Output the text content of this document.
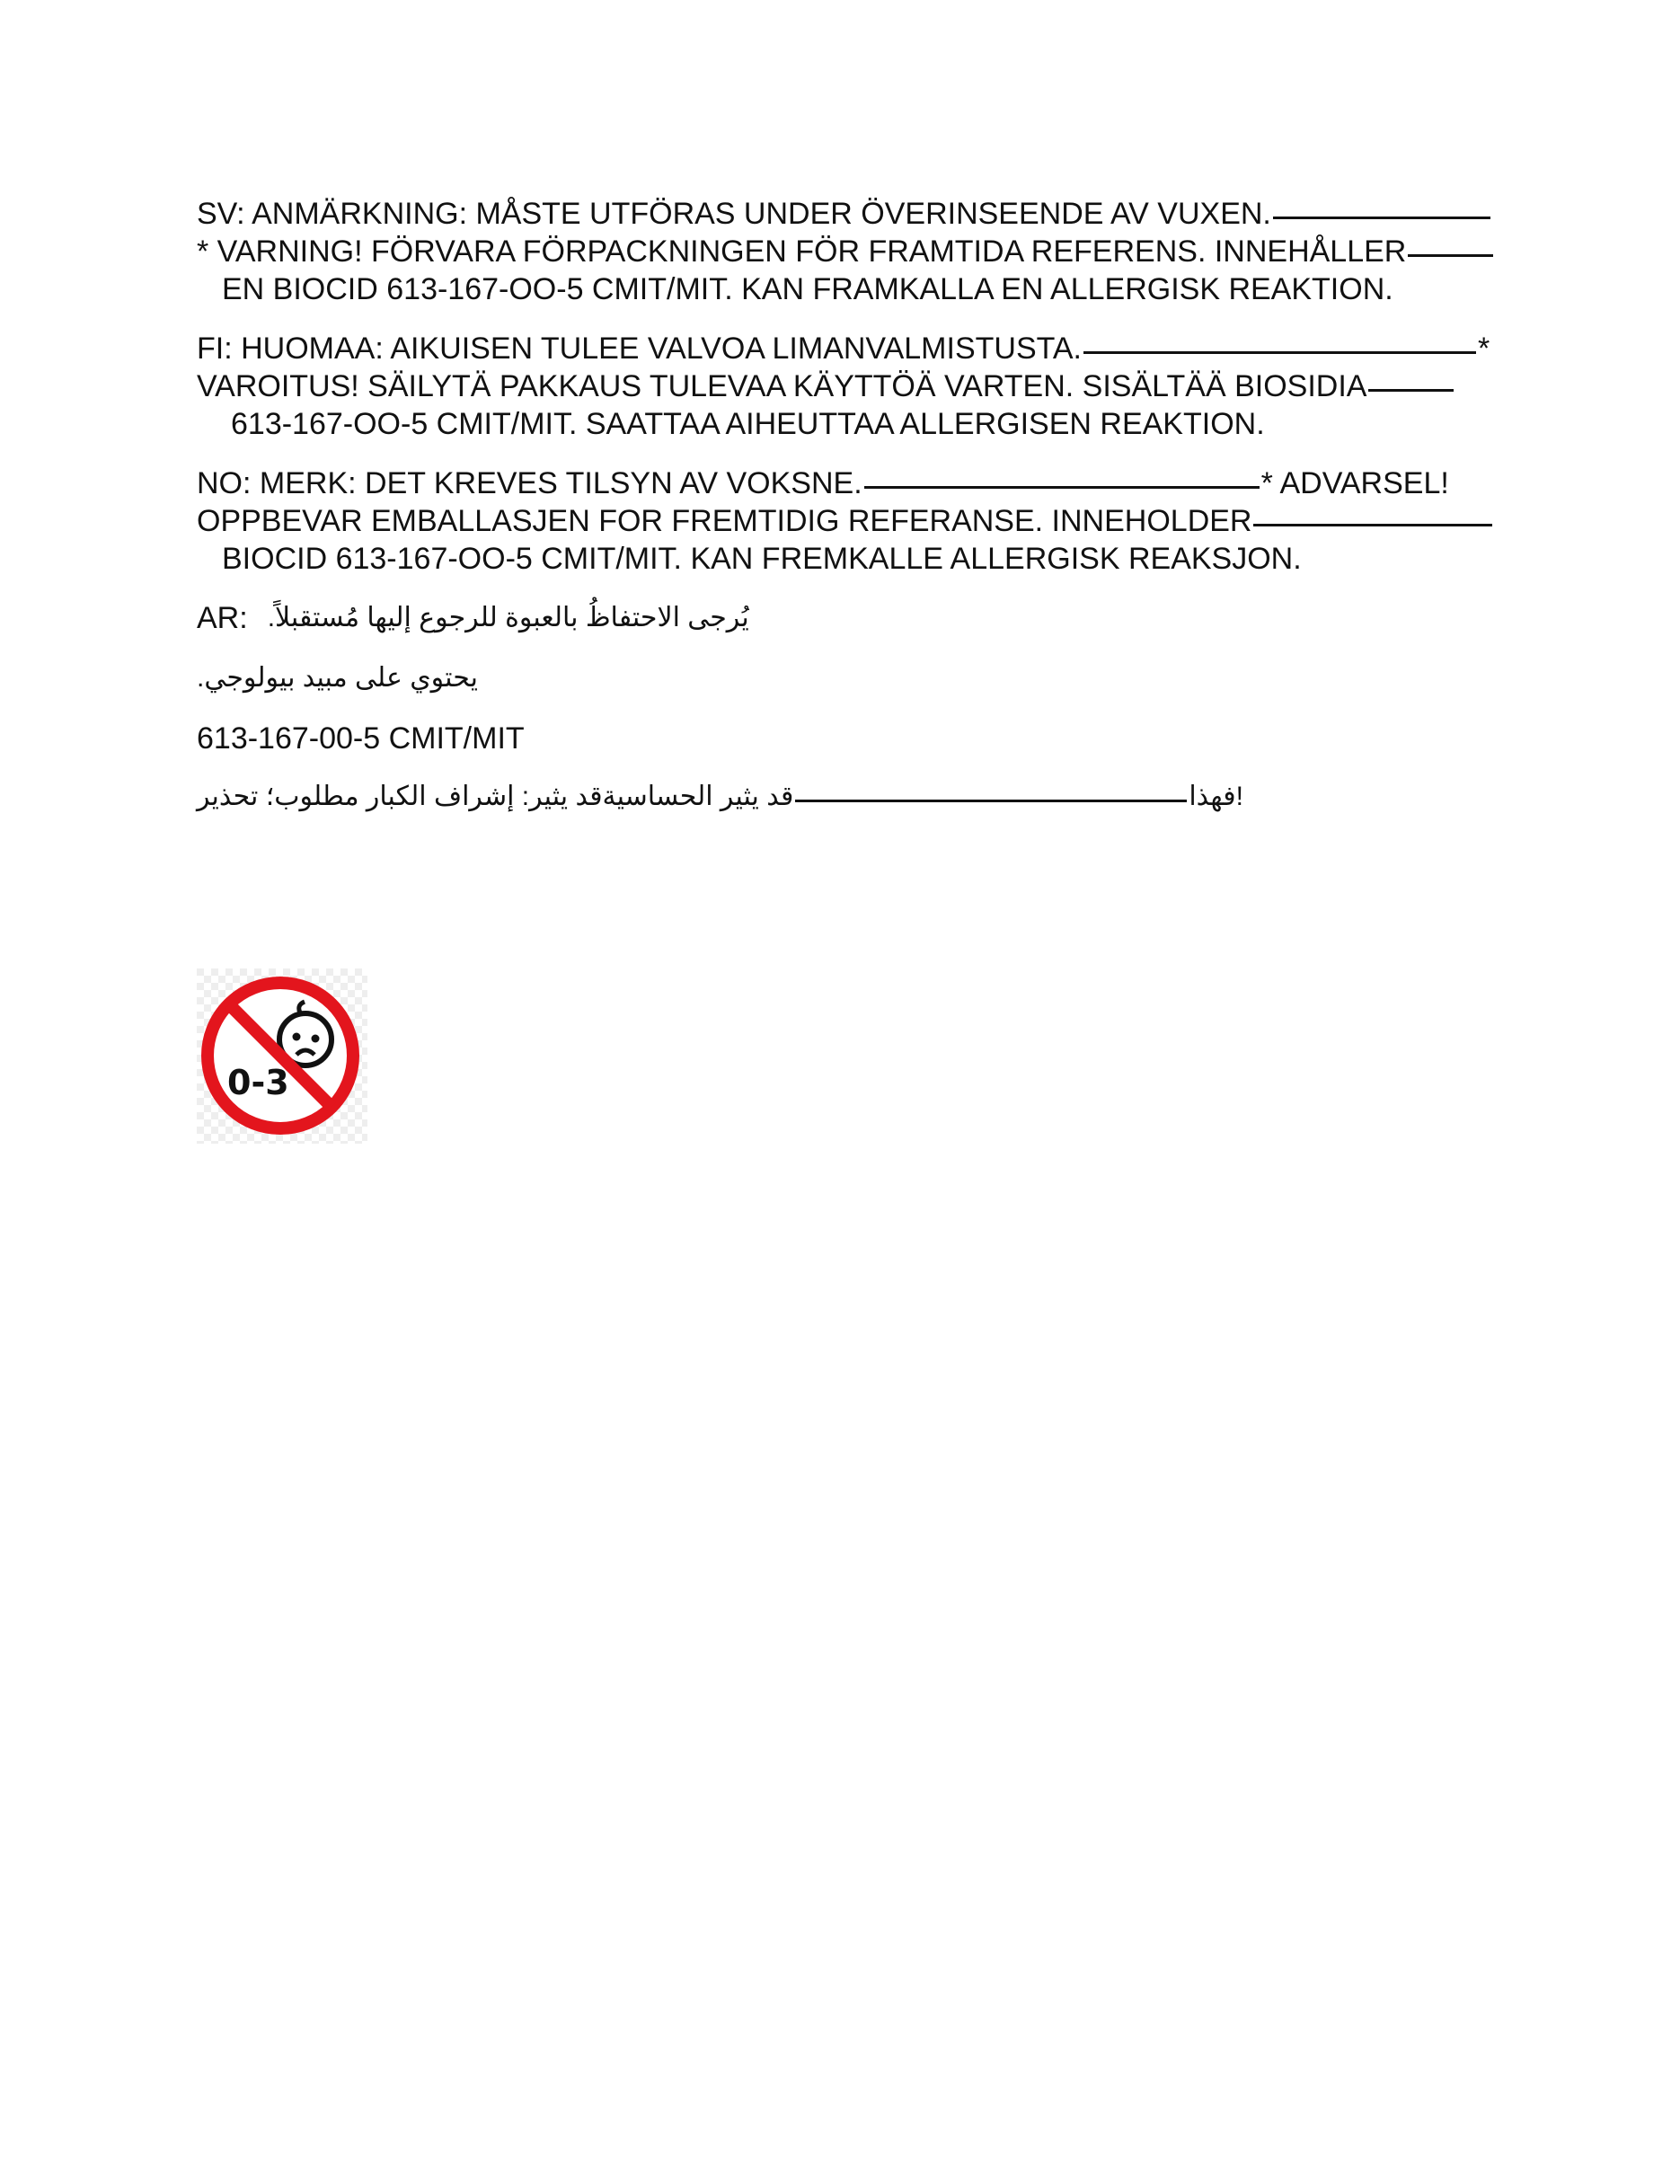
SV: ANMÄRKNING: MÅSTE UTFÖRAS UNDER ÖVERINSEENDE AV VUXEN.
* VARNING! FÖRVARA FÖRPACKNINGEN FÖR FRAMTIDA REFERENS. INNEHÅLLER
EN BIOCID 613-167-OO-5 CMIT/MIT. KAN FRAMKALLA EN ALLERGISK REAKTION.
FI: HUOMAA: AIKUISEN TULEE VALVOA LIMANVALMISTUSTA.	*
VAROITUS! SÄILYTÄ PAKKAUS TULEVAA KÄYTTÖÄ VARTEN. SISÄLTÄÄ BIOSIDIA
613-167-OO-5 CMIT/MIT. SAATTAA AIHEUTTAA ALLERGISEN REAKTION.
NO: MERK: DET KREVES TILSYN AV VOKSNE.	* ADVARSEL!
OPPBEVAR EMBALLASJEN FOR FREMTIDIG REFERANSE. INNEHOLDER
BIOCID 613-167-OO-5 CMIT/MIT. KAN FREMKALLE ALLERGISK REAKSJON.
AR: يُرجى الاحتفاظُ بالعبوة للرجوع إليها مُستقبلاً.
يحتوي على مبيد بيولوجي.
613-167-00-5 CMIT/MIT
قد يثير الحساسيةقد يثير: إشراف الكبار مطلوب؛ تحذير	!فهذا
0-3
